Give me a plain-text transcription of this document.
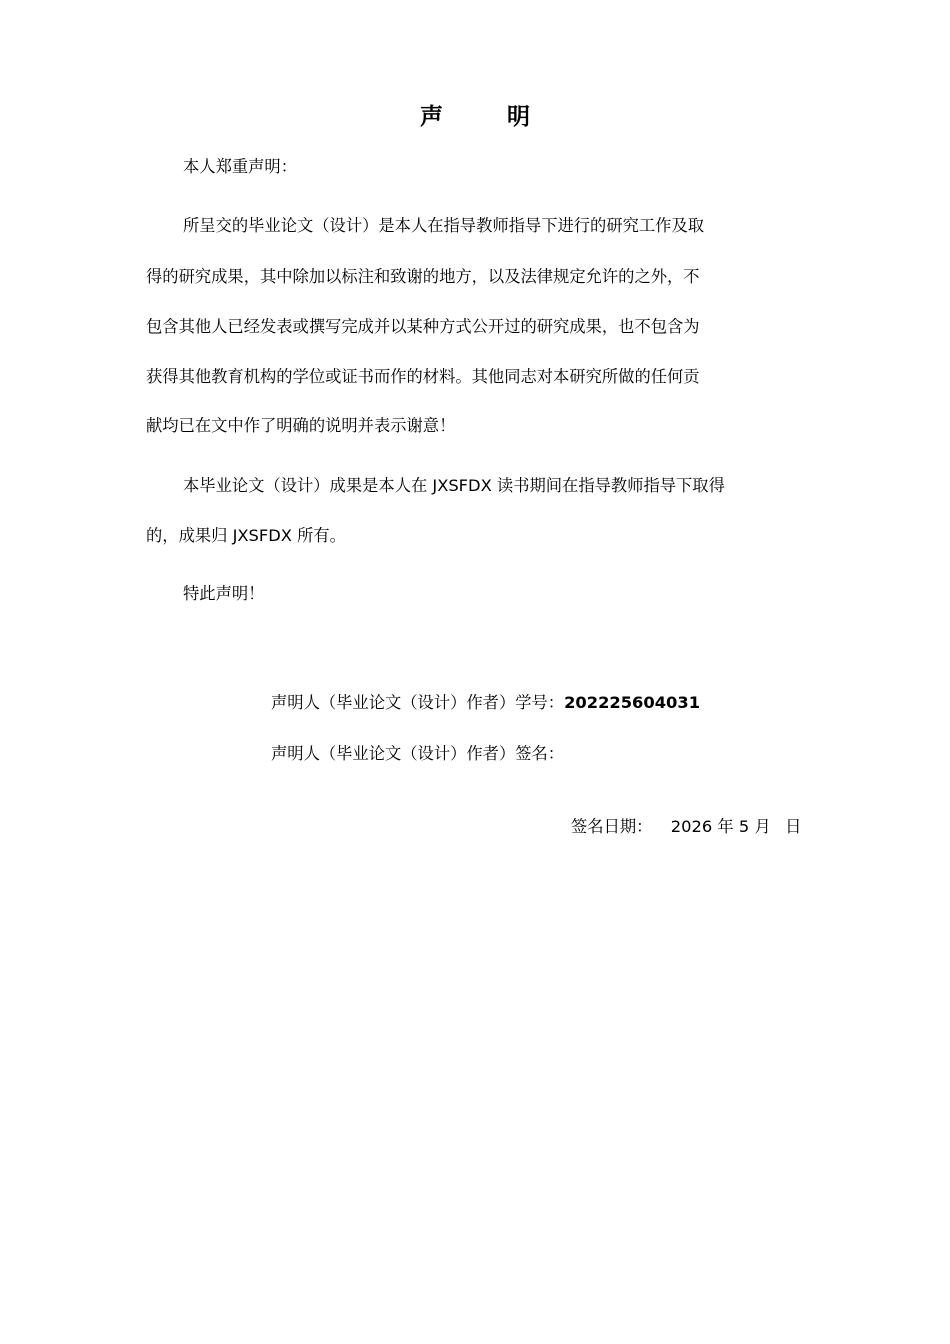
声	明
本人郑重声明：
所呈交的毕业论文（设计）是本人在指导教师指导下进行的研究工作及取
得的研究成果，其中除加以标注和致谢的地方，以及法律规定允许的之外，不
包含其他人已经发表或撰写完成并以某种方式公开过的研究成果，也不包含为
获得其他教育机构的学位或证书而作的材料。其他同志对本研究所做的任何贡
献均已在文中作了明确的说明并表示谢意！
本毕业论文（设计）成果是本人在 JXSFDX 读书期间在指导教师指导下取得
的，成果归 JXSFDX 所有。
特此声明！
声明人（毕业论文（设计）作者）学号：202225604031
声明人（毕业论文（设计）作者）签名：
签名日期： 2026 年 5 月 日
